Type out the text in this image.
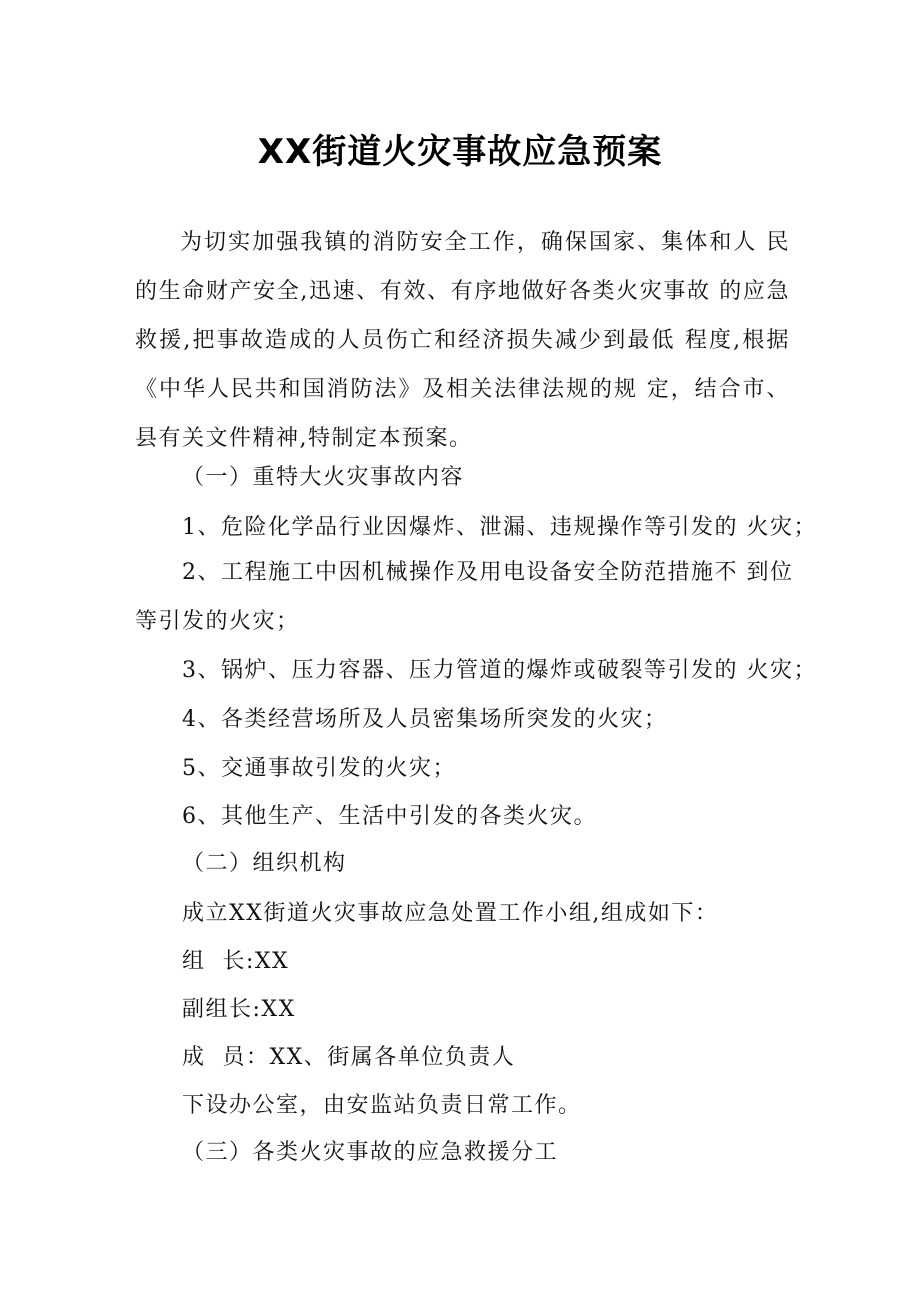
XX街道火灾事故应急预案

为切实加强我镇的消防安全工作，确保国家、集体和人 民的生命财产安全,迅速、有效、有序地做好各类火灾事故 的应急救援,把事故造成的人员伤亡和经济损失减少到最低 程度,根据《中华人民共和国消防法》及相关法律法规的规 定，结合市、县有关文件精神,特制定本预案。

（一）重特大火灾事故内容

1、危险化学品行业因爆炸、泄漏、违规操作等引发的 火灾；

2、工程施工中因机械操作及用电设备安全防范措施不 到位等引发的火灾；

3、锅炉、压力容器、压力管道的爆炸或破裂等引发的 火灾；

4、各类经营场所及人员密集场所突发的火灾；

5、交通事故引发的火灾；

6、其他生产、生活中引发的各类火灾。

（二）组织机构

成立XX街道火灾事故应急处置工作小组,组成如下：

组  长:XX

副组长:XX

成  员：XX、街属各单位负责人

下设办公室，由安监站负责日常工作。

（三）各类火灾事故的应急救援分工
